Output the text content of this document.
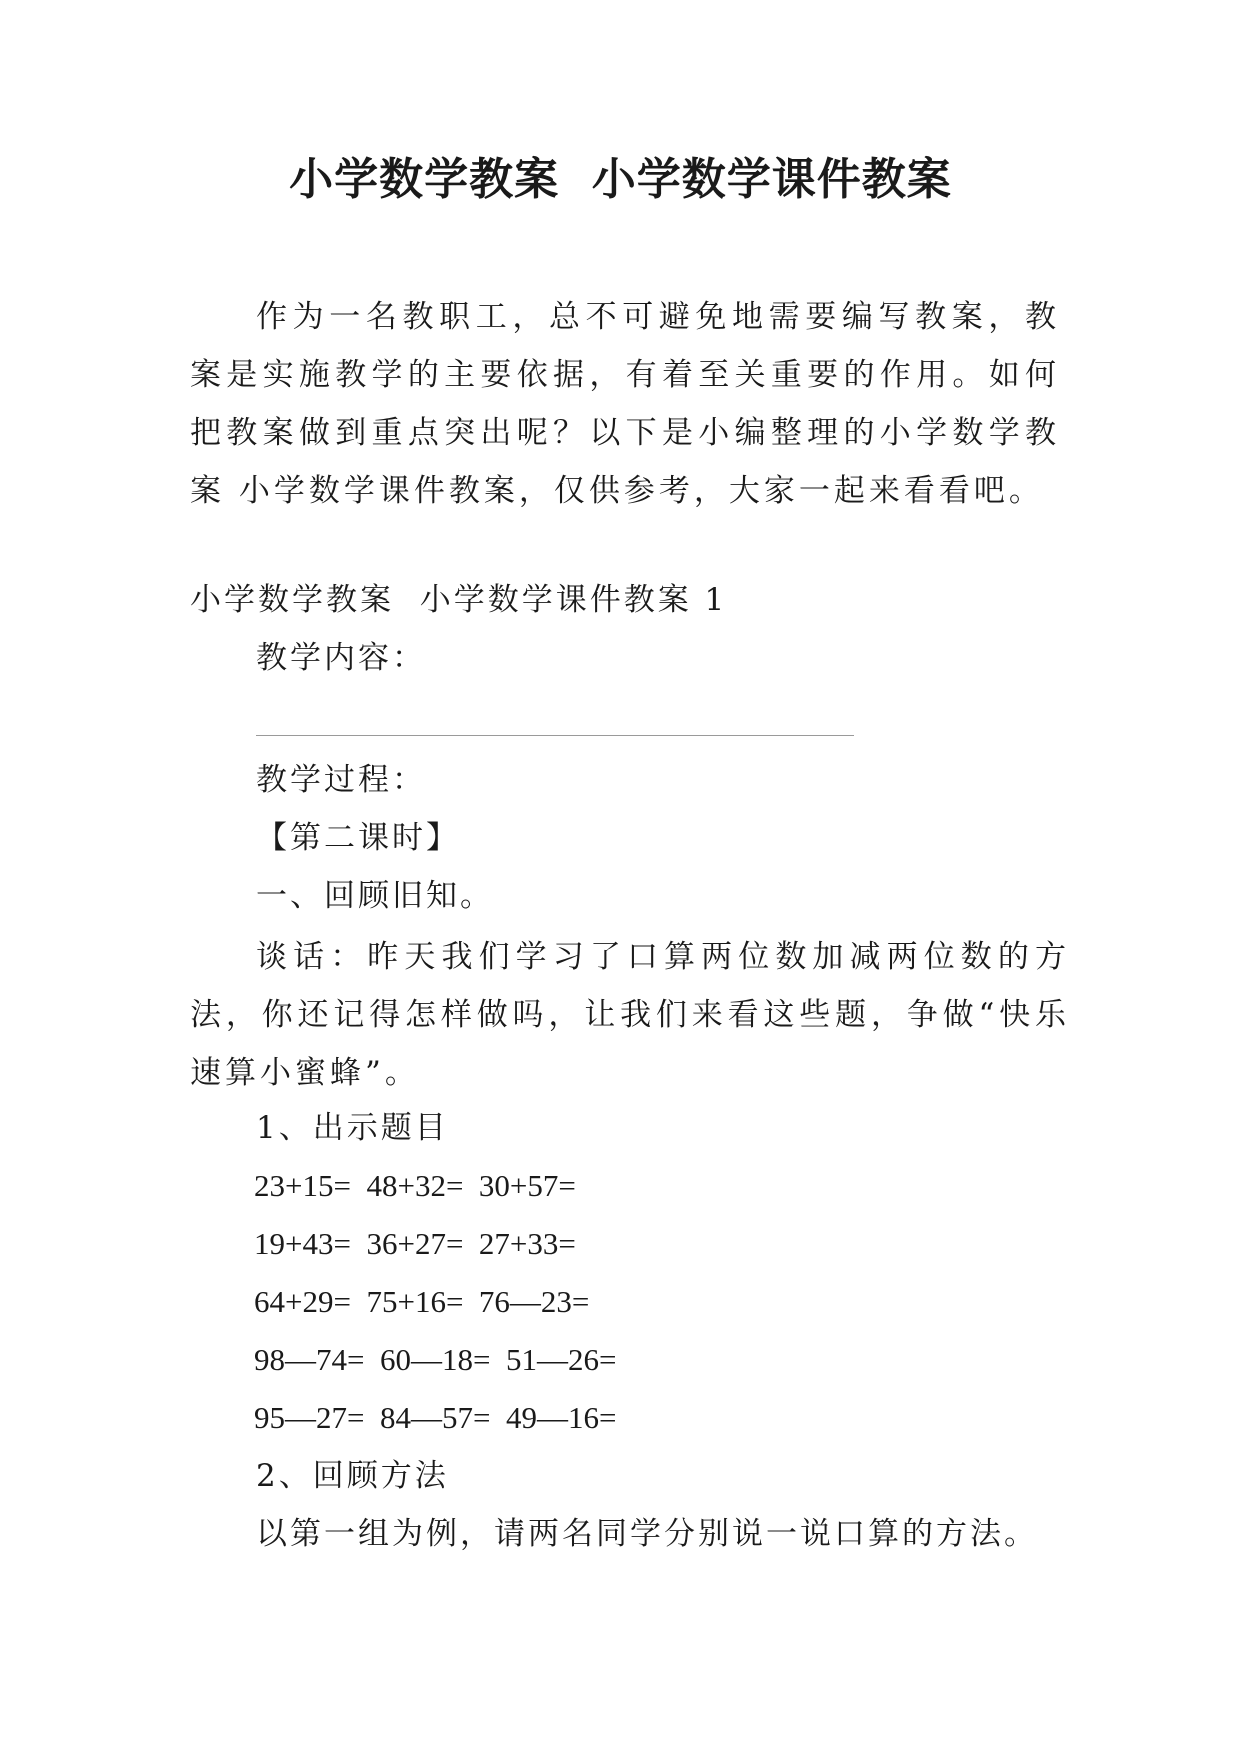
小学数学教案  小学数学课件教案
作为一名教职工，总不可避免地需要编写教案，教案是实施教学的主要依据，有着至关重要的作用。如何把教案做到重点突出呢？以下是小编整理的小学数学教案 小学数学课件教案，仅供参考，大家一起来看看吧。
小学数学教案  小学数学课件教案 1
教学内容：
教学过程：
【第二课时】
一、回顾旧知。
谈话：昨天我们学习了口算两位数加减两位数的方法，你还记得怎样做吗，让我们来看这些题，争做“快乐速算小蜜蜂”。
1、出示题目
23+15=  48+32=  30+57=
19+43=  36+27=  27+33=
64+29=  75+16=  76—23=
98—74=  60—18=  51—26=
95—27=  84—57=  49—16=
2、回顾方法
以第一组为例，请两名同学分别说一说口算的方法。
